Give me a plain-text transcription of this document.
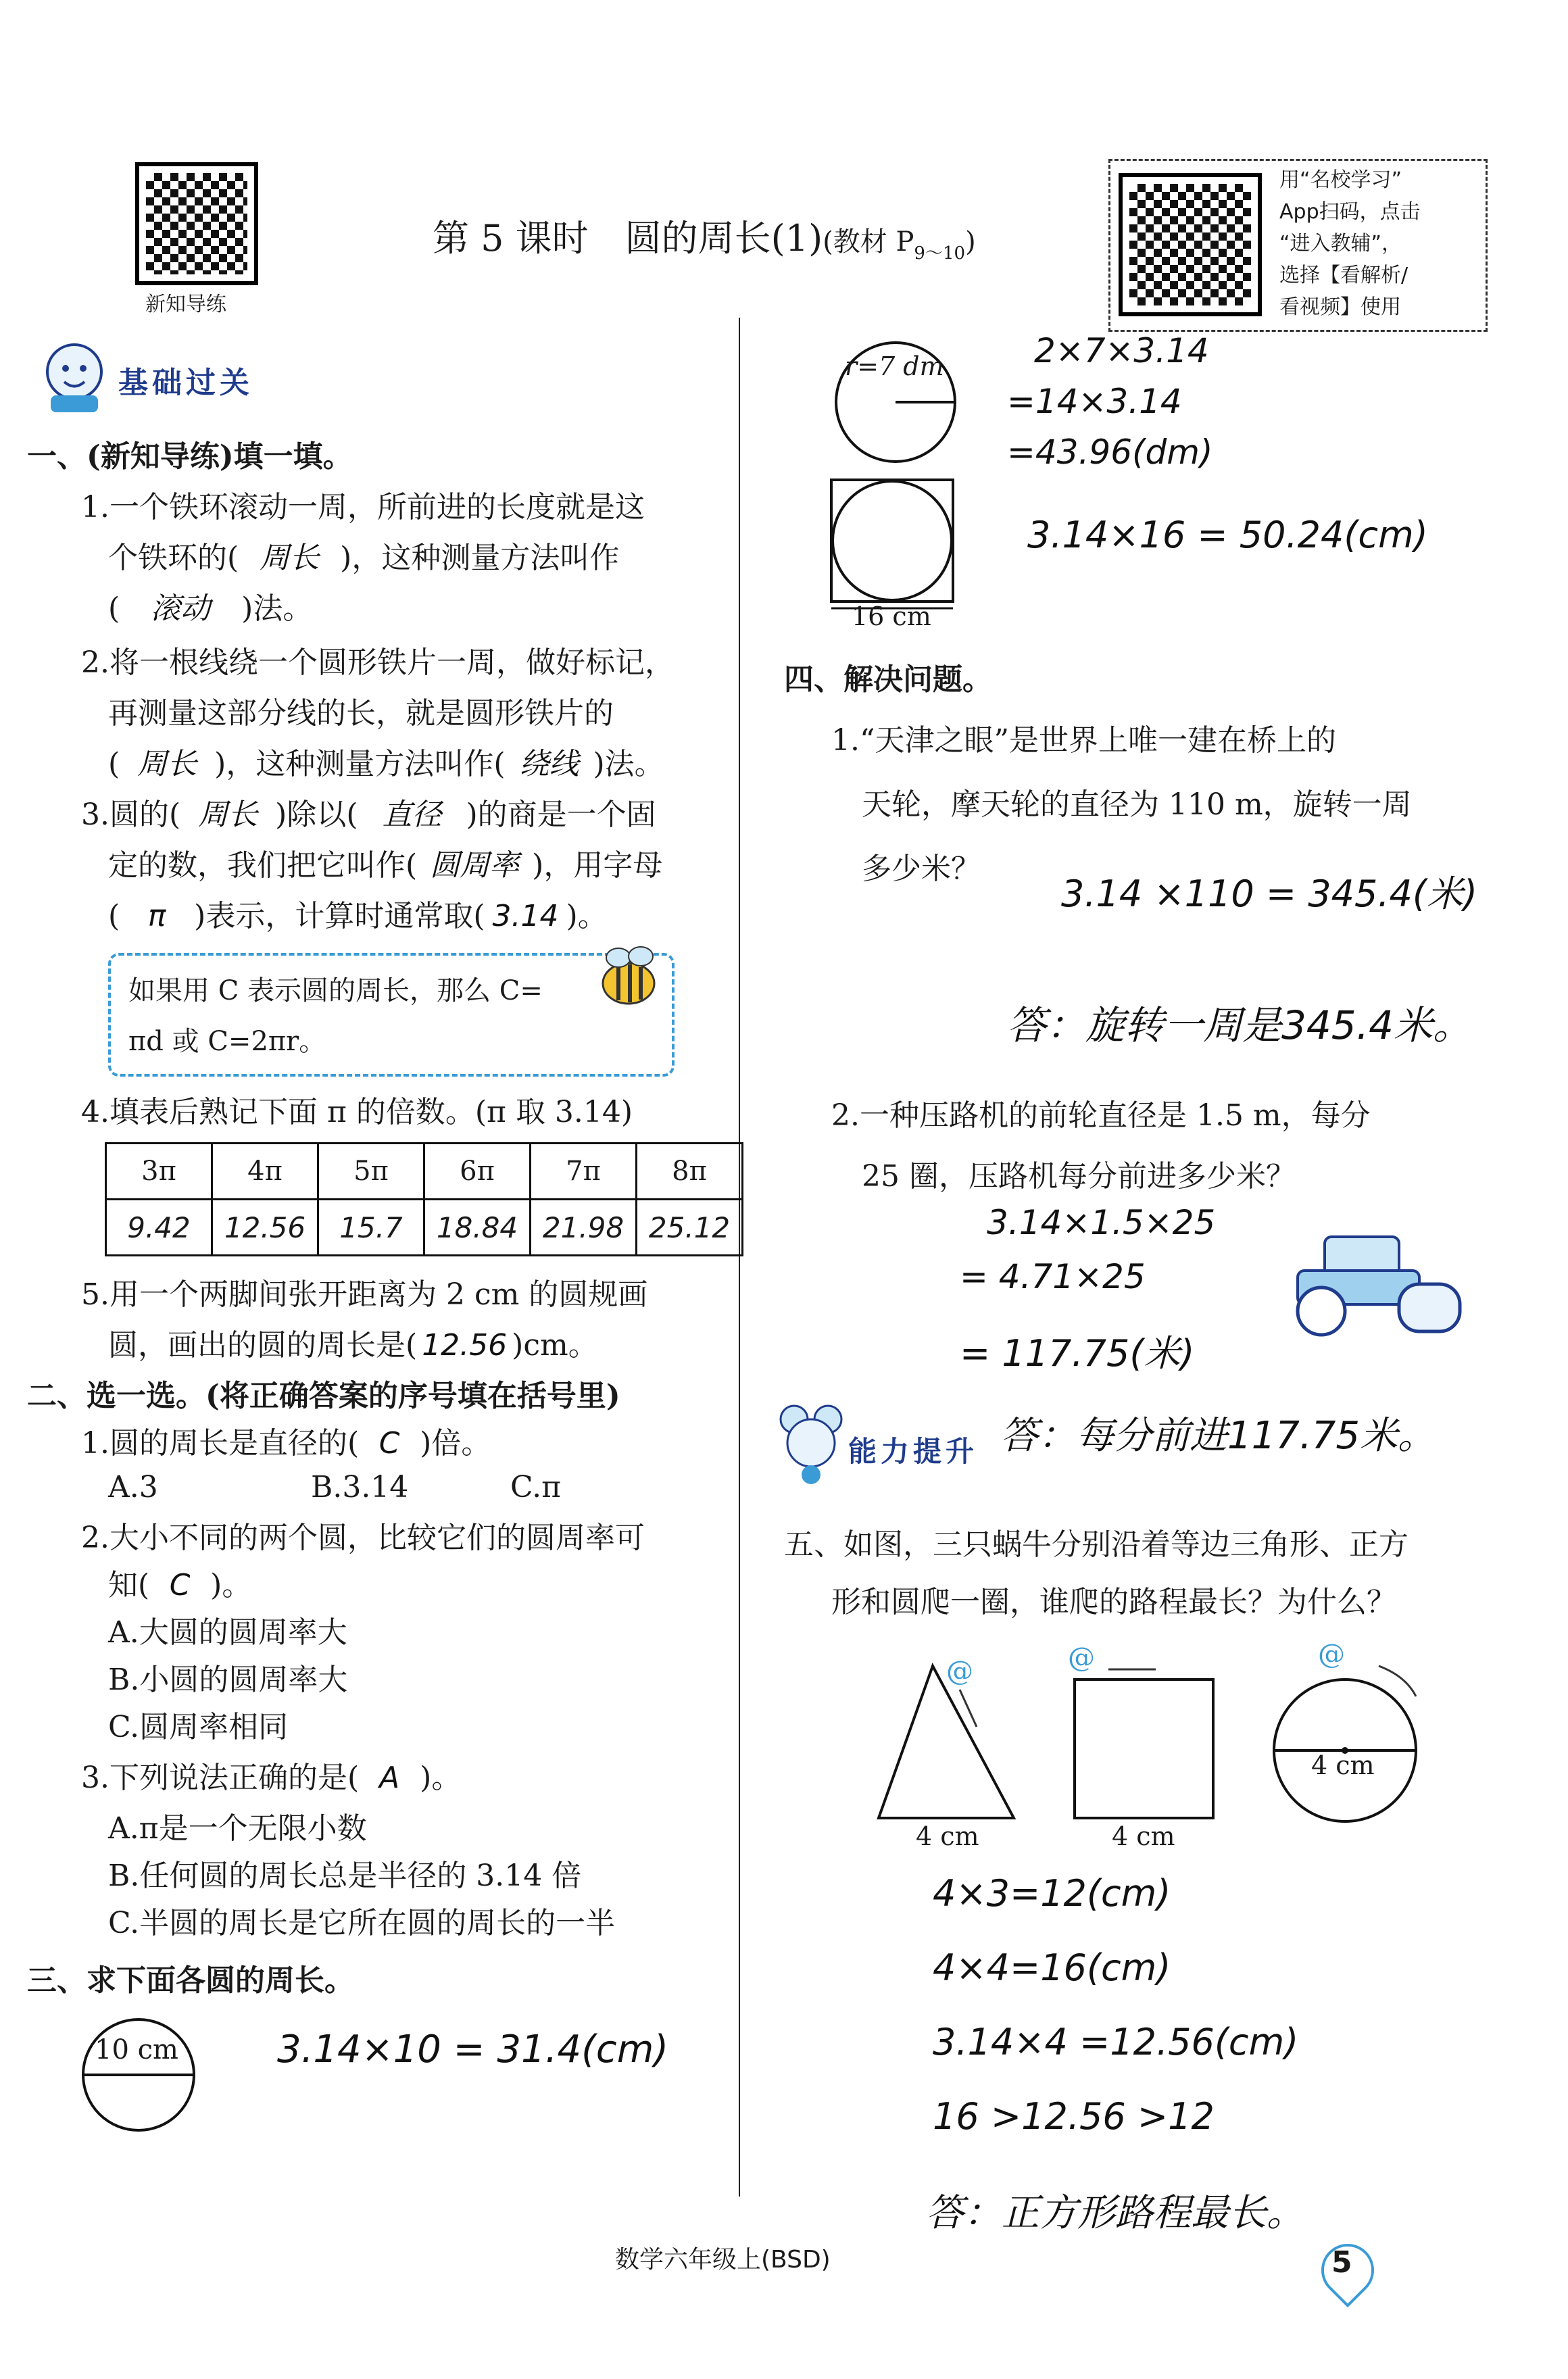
新知导练
第 5 课时　圆的周长(1)(教材 $P_{9\sim 10}$)
用“名校学习”
App扫码，点击
“进入教辅”，
选择【看解析/
看视频】使用
基础过关
一、(新知导练)填一填。
1.一个铁环滚动一周，所前进的长度就是这
个铁环的( 周长 )，这种测量方法叫作
( 滚动 )法。
2.将一根线绕一个圆形铁片一周，做好标记，
再测量这部分线的长，就是圆形铁片的
( 周长 )，这种测量方法叫作( 绕线 )法。
3.圆的( 周长 )除以( 直径 )的商是一个固
定的数，我们把它叫作( 圆周率 )，用字母
( π )表示，计算时通常取( 3.14 )。
如果用 C 表示圆的周长，那么 C=
πd 或 C=2πr。
4.填表后熟记下面 π 的倍数。(π 取 3.14)
3π	4π	5π	6π	7π	8π
9.42	12.56	15.7	18.84	21.98	25.12
5.用一个两脚间张开距离为 2 cm 的圆规画
圆，画出的圆的周长是( 12.56 )cm。
二、选一选。(将正确答案的序号填在括号里)
1.圆的周长是直径的( C )倍。
A.3	B.3.14	C.π
2.大小不同的两个圆，比较它们的圆周率可
知( C )。
A.大圆的圆周率大
B.小圆的圆周率大
C.圆周率相同
3.下列说法正确的是( A )。
A.π是一个无限小数
B.任何圆的周长总是半径的 3.14 倍
C.半圆的周长是它所在圆的周长的一半
三、求下面各圆的周长。
10 cm	3.14×10 = 31.4(cm)
r=7 dm	2×7×3.14
=14×3.14
=43.96(dm)
16 cm
3.14×16 = 50.24(cm)
四、解决问题。
1.“天津之眼”是世界上唯一建在桥上的
天轮，摩天轮的直径为 110 m，旋转一周
多少米？
3.14 ×110 = 345.4(米)
答：旋转一周是345.4米。
2.一种压路机的前轮直径是 1.5 m，每分
25 圈，压路机每分前进多少米？
3.14×1.5×25
= 4.71×25
= 117.75(米)
能力提升 答：每分前进117.75米。
五、如图，三只蜗牛分别沿着等边三角形、正方
形和圆爬一圈，谁爬的路程最长？为什么？
@	@	@
4 cm	4 cm
4 cm
4×3=12(cm)
4×4=16(cm)
3.14×4 =12.56(cm)
16 >12.56 >12
答：正方形路程最长。
数学六年级上(BSD)	5
